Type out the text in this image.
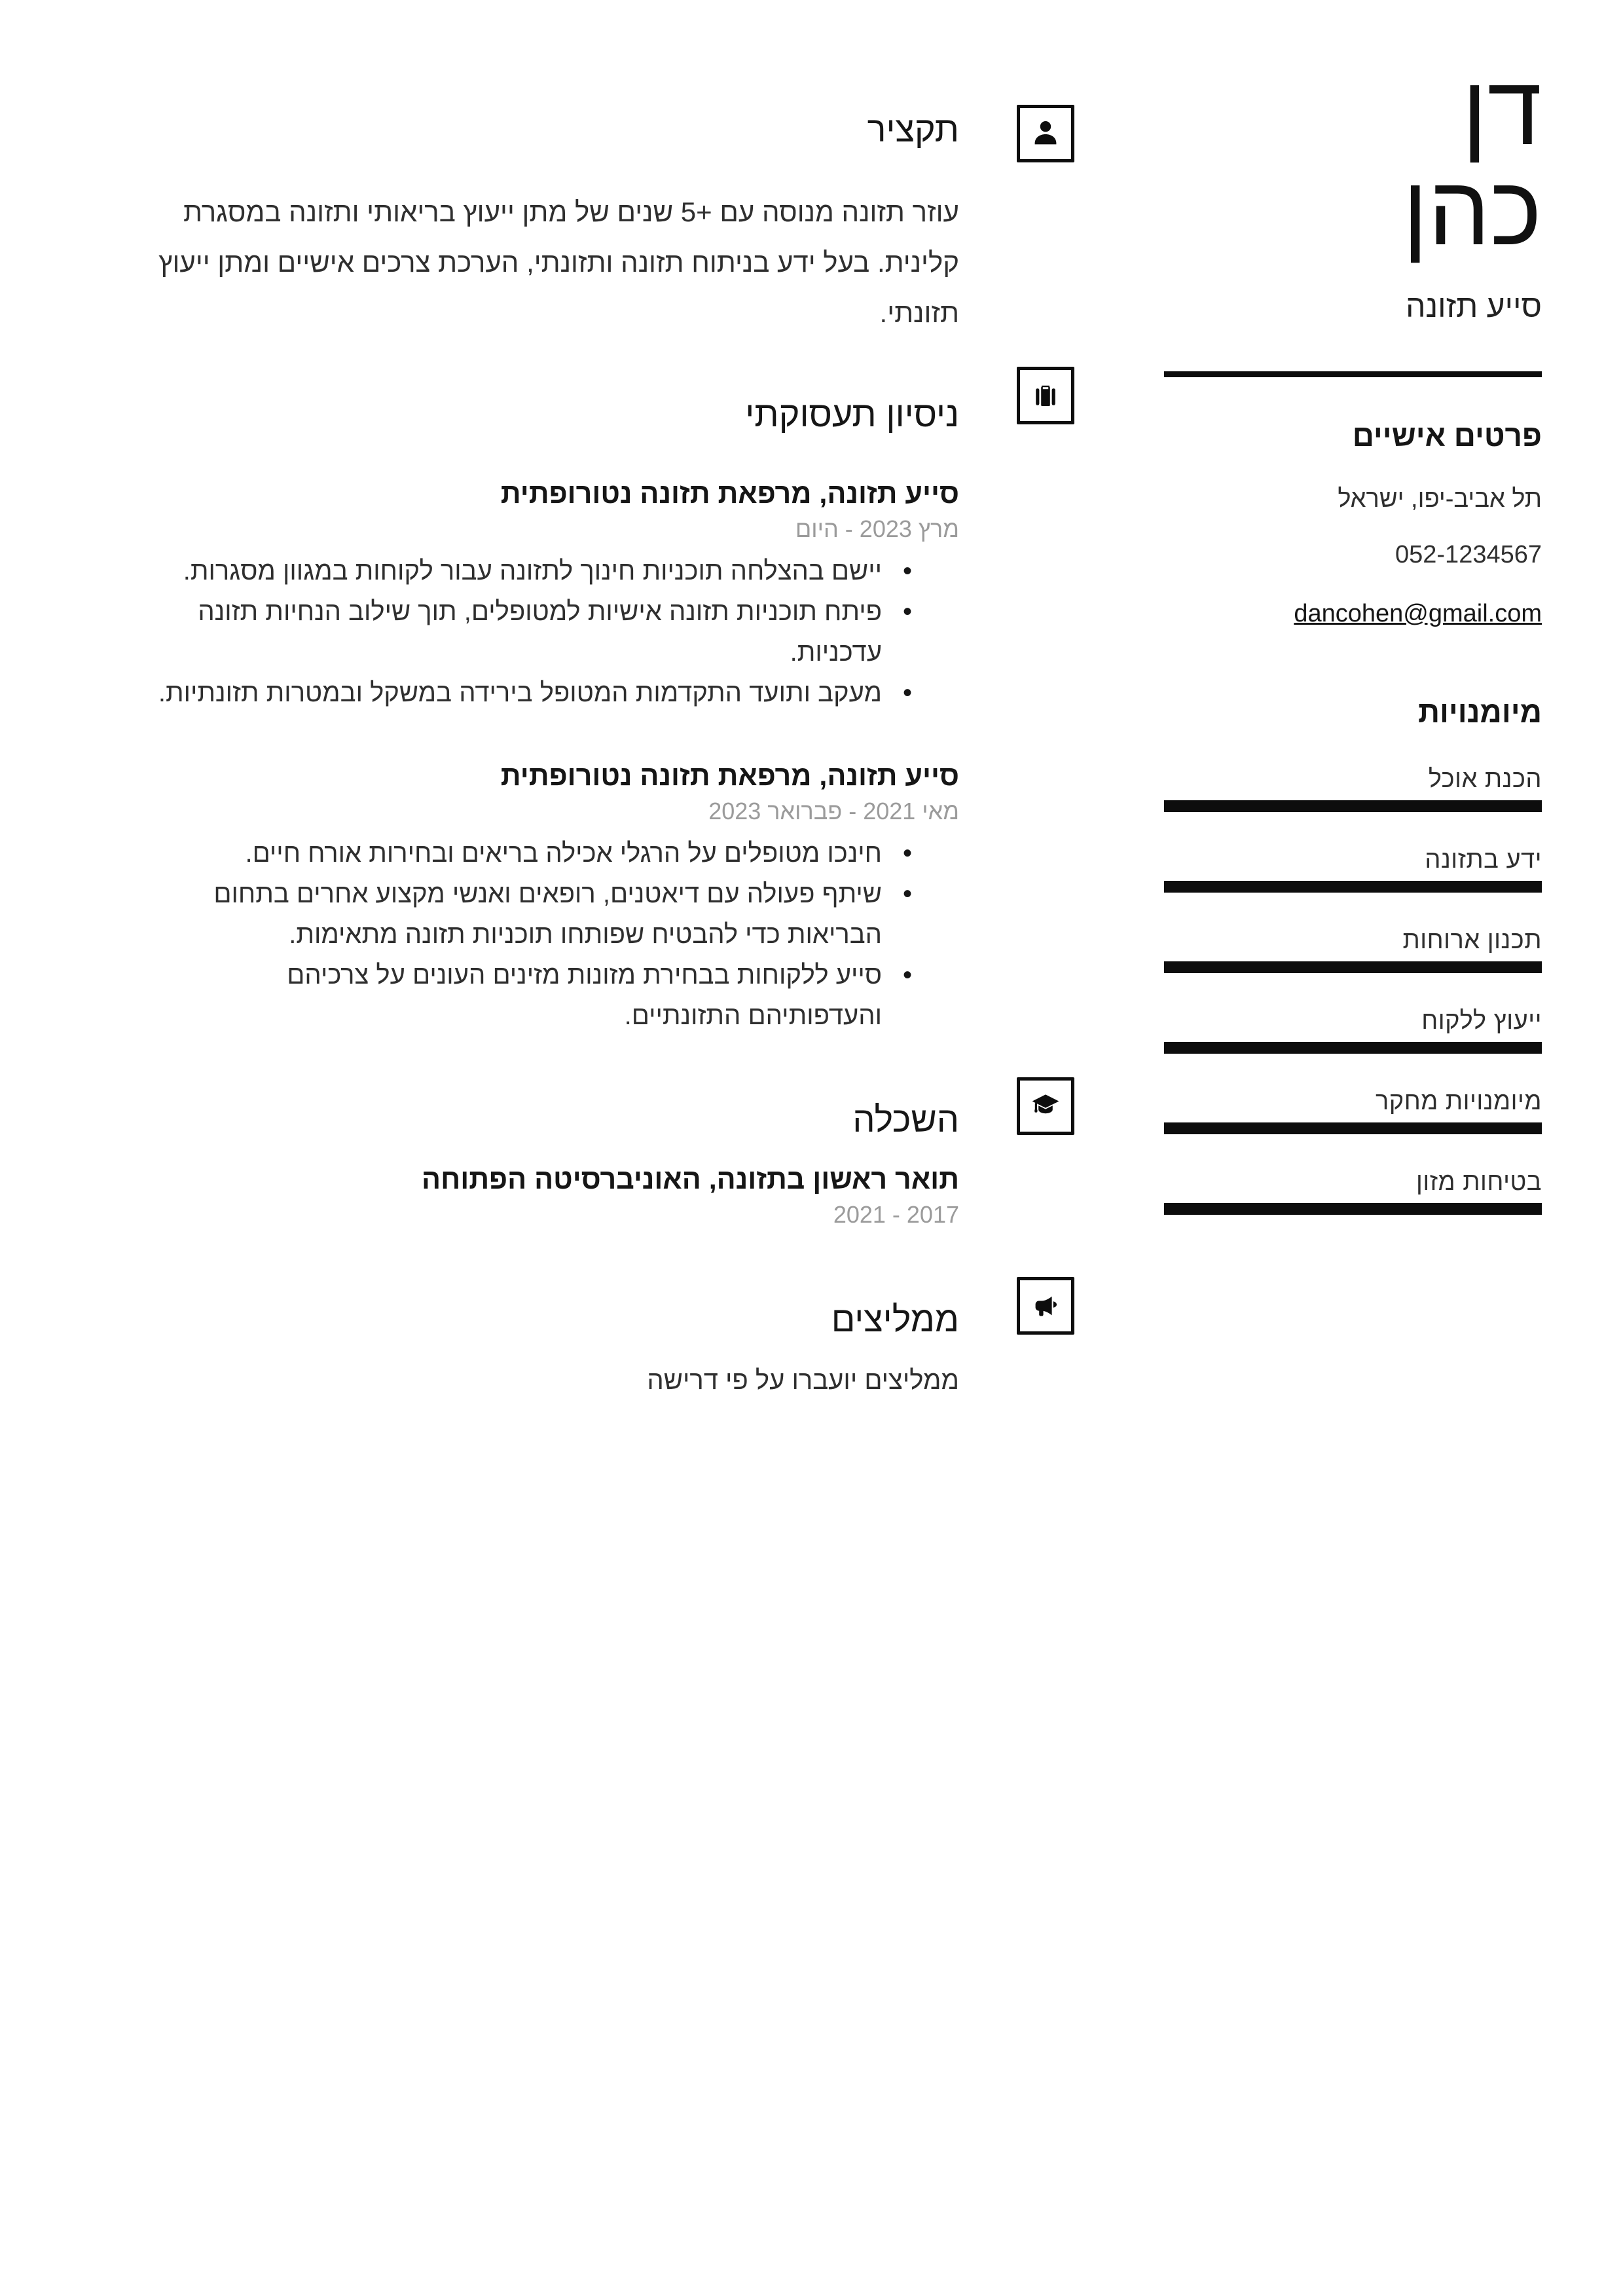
תקציר
עוזר תזונה מנוסה עם +5 שנים של מתן ייעוץ בריאותי ותזונה במסגרת קלינית. בעל ידע בניתוח תזונה ותזונתי, הערכת צרכים אישיים ומתן ייעוץ תזונתי.
ניסיון תעסוקתי
סייע תזונה, מרפאת תזונה נטורופתית
מרץ 2023 - היום
• יישם בהצלחה תוכניות חינוך לתזונה עבור לקוחות במגוון מסגרות.
• פיתח תוכניות תזונה אישיות למטופלים, תוך שילוב הנחיות תזונה עדכניות.
• מעקב ותועד התקדמות המטופל בירידה במשקל ובמטרות תזונתיות.
סייע תזונה, מרפאת תזונה נטורופתית
מאי 2021 - פברואר 2023
• חינכו מטופלים על הרגלי אכילה בריאים ובחירות אורח חיים.
• שיתף פעולה עם דיאטנים, רופאים ואנשי מקצוע אחרים בתחום הבריאות כדי להבטיח שפותחו תוכניות תזונה מתאימות.
• סייע ללקוחות בבחירת מזונות מזינים העונים על צרכיהם והעדפותיהם התזונתיים.
השכלה
תואר ראשון בתזונה, האוניברסיטה הפתוחה
2017 - 2021
ממליצים
ממליצים יועברו על פי דרישה
דן
כהן
סייע תזונה
פרטים אישיים
תל אביב-יפו, ישראל
052-1234567
dancohen@gmail.com
מיומנויות
הכנת אוכל
ידע בתזונה
תכנון ארוחות
ייעוץ ללקוח
מיומנויות מחקר
בטיחות מזון
